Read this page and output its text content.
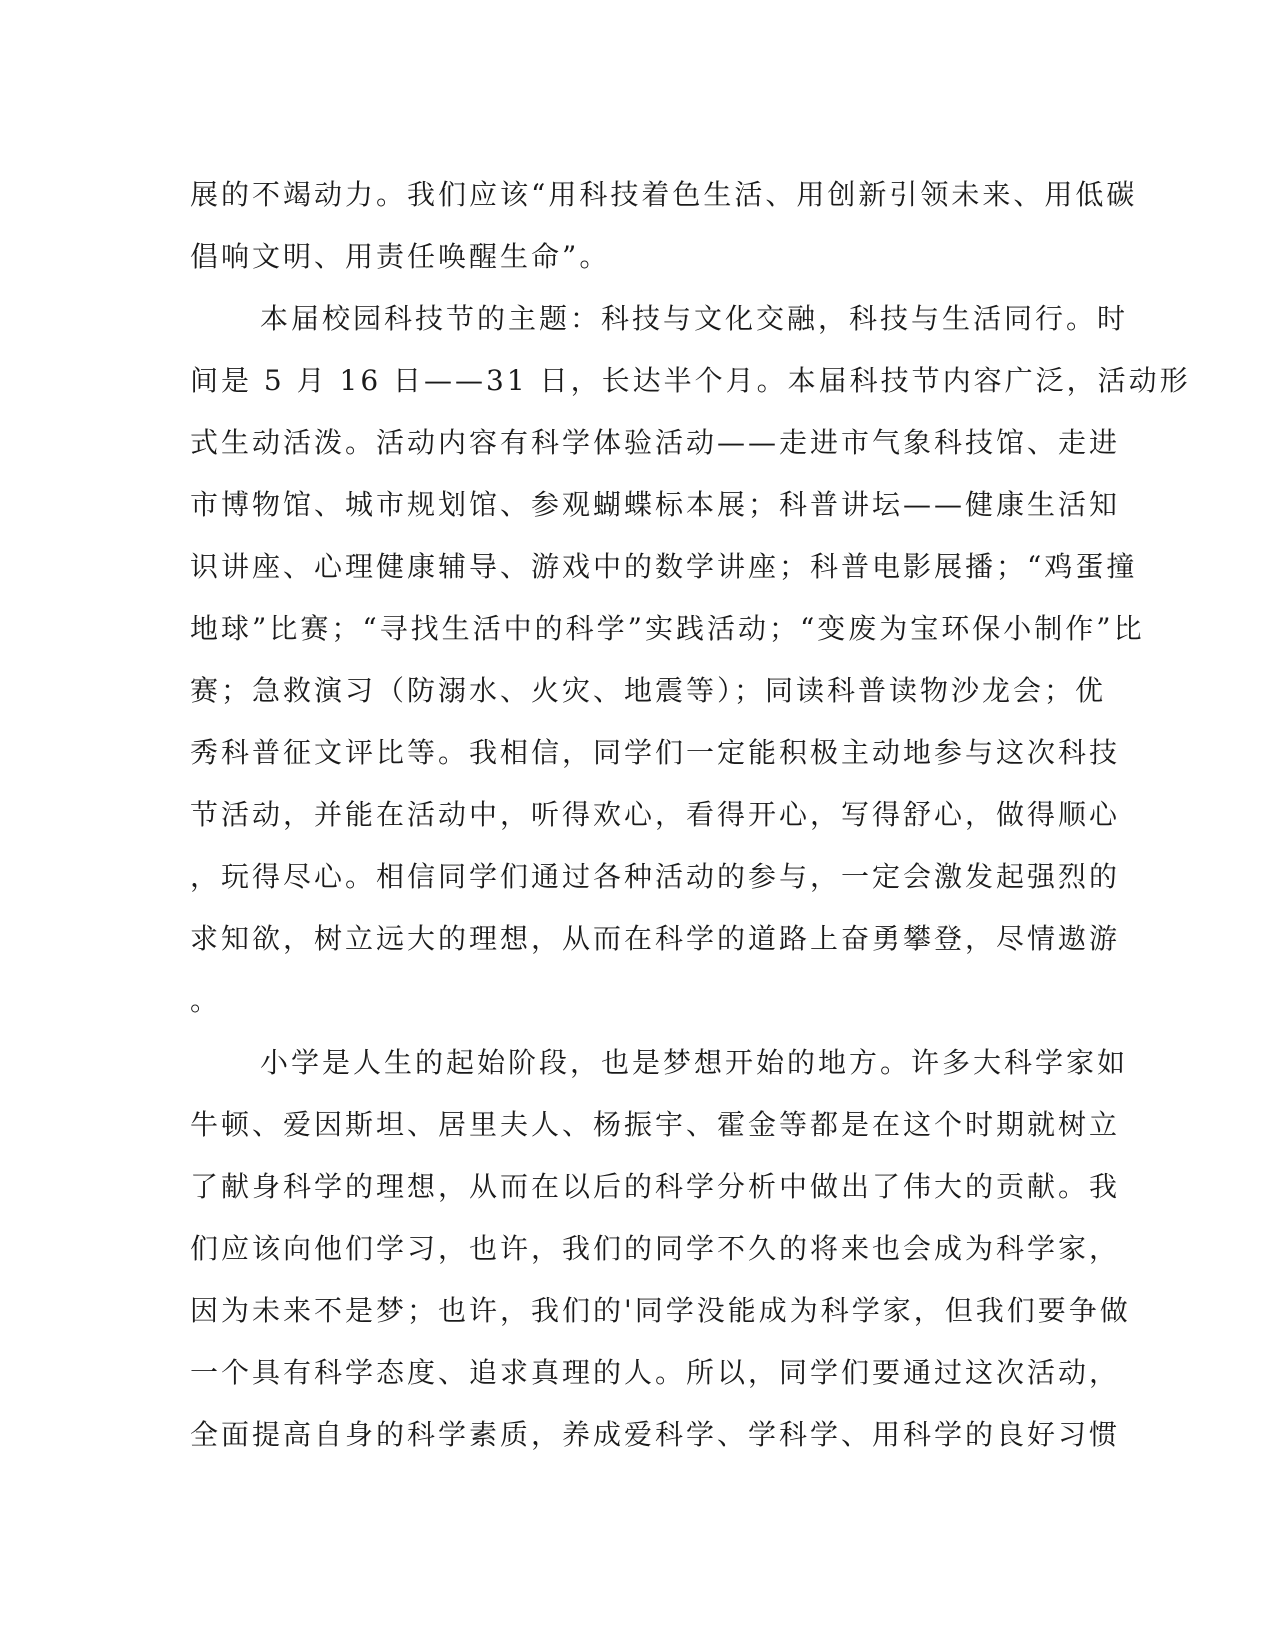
展的不竭动力。我们应该“用科技着色生活、用创新引领未来、用低碳
倡响文明、用责任唤醒生命”。
本届校园科技节的主题：科技与文化交融，科技与生活同行。时
间是 5 月 16 日——31 日，长达半个月。本届科技节内容广泛，活动形
式生动活泼。活动内容有科学体验活动——走进市气象科技馆、走进
市博物馆、城市规划馆、参观蝴蝶标本展；科普讲坛——健康生活知
识讲座、心理健康辅导、游戏中的数学讲座；科普电影展播；“鸡蛋撞
地球”比赛；“寻找生活中的科学”实践活动；“变废为宝环保小制作”比
赛；急救演习（防溺水、火灾、地震等）；同读科普读物沙龙会；优
秀科普征文评比等。我相信，同学们一定能积极主动地参与这次科技
节活动，并能在活动中，听得欢心，看得开心，写得舒心，做得顺心
，玩得尽心。相信同学们通过各种活动的参与，一定会激发起强烈的
求知欲，树立远大的理想，从而在科学的道路上奋勇攀登，尽情遨游
。
小学是人生的起始阶段，也是梦想开始的地方。许多大科学家如
牛顿、爱因斯坦、居里夫人、杨振宇、霍金等都是在这个时期就树立
了献身科学的理想，从而在以后的科学分析中做出了伟大的贡献。我
们应该向他们学习，也许，我们的同学不久的将来也会成为科学家，
因为未来不是梦；也许，我们的'同学没能成为科学家，但我们要争做
一个具有科学态度、追求真理的人。所以，同学们要通过这次活动，
全面提高自身的科学素质，养成爱科学、学科学、用科学的良好习惯
